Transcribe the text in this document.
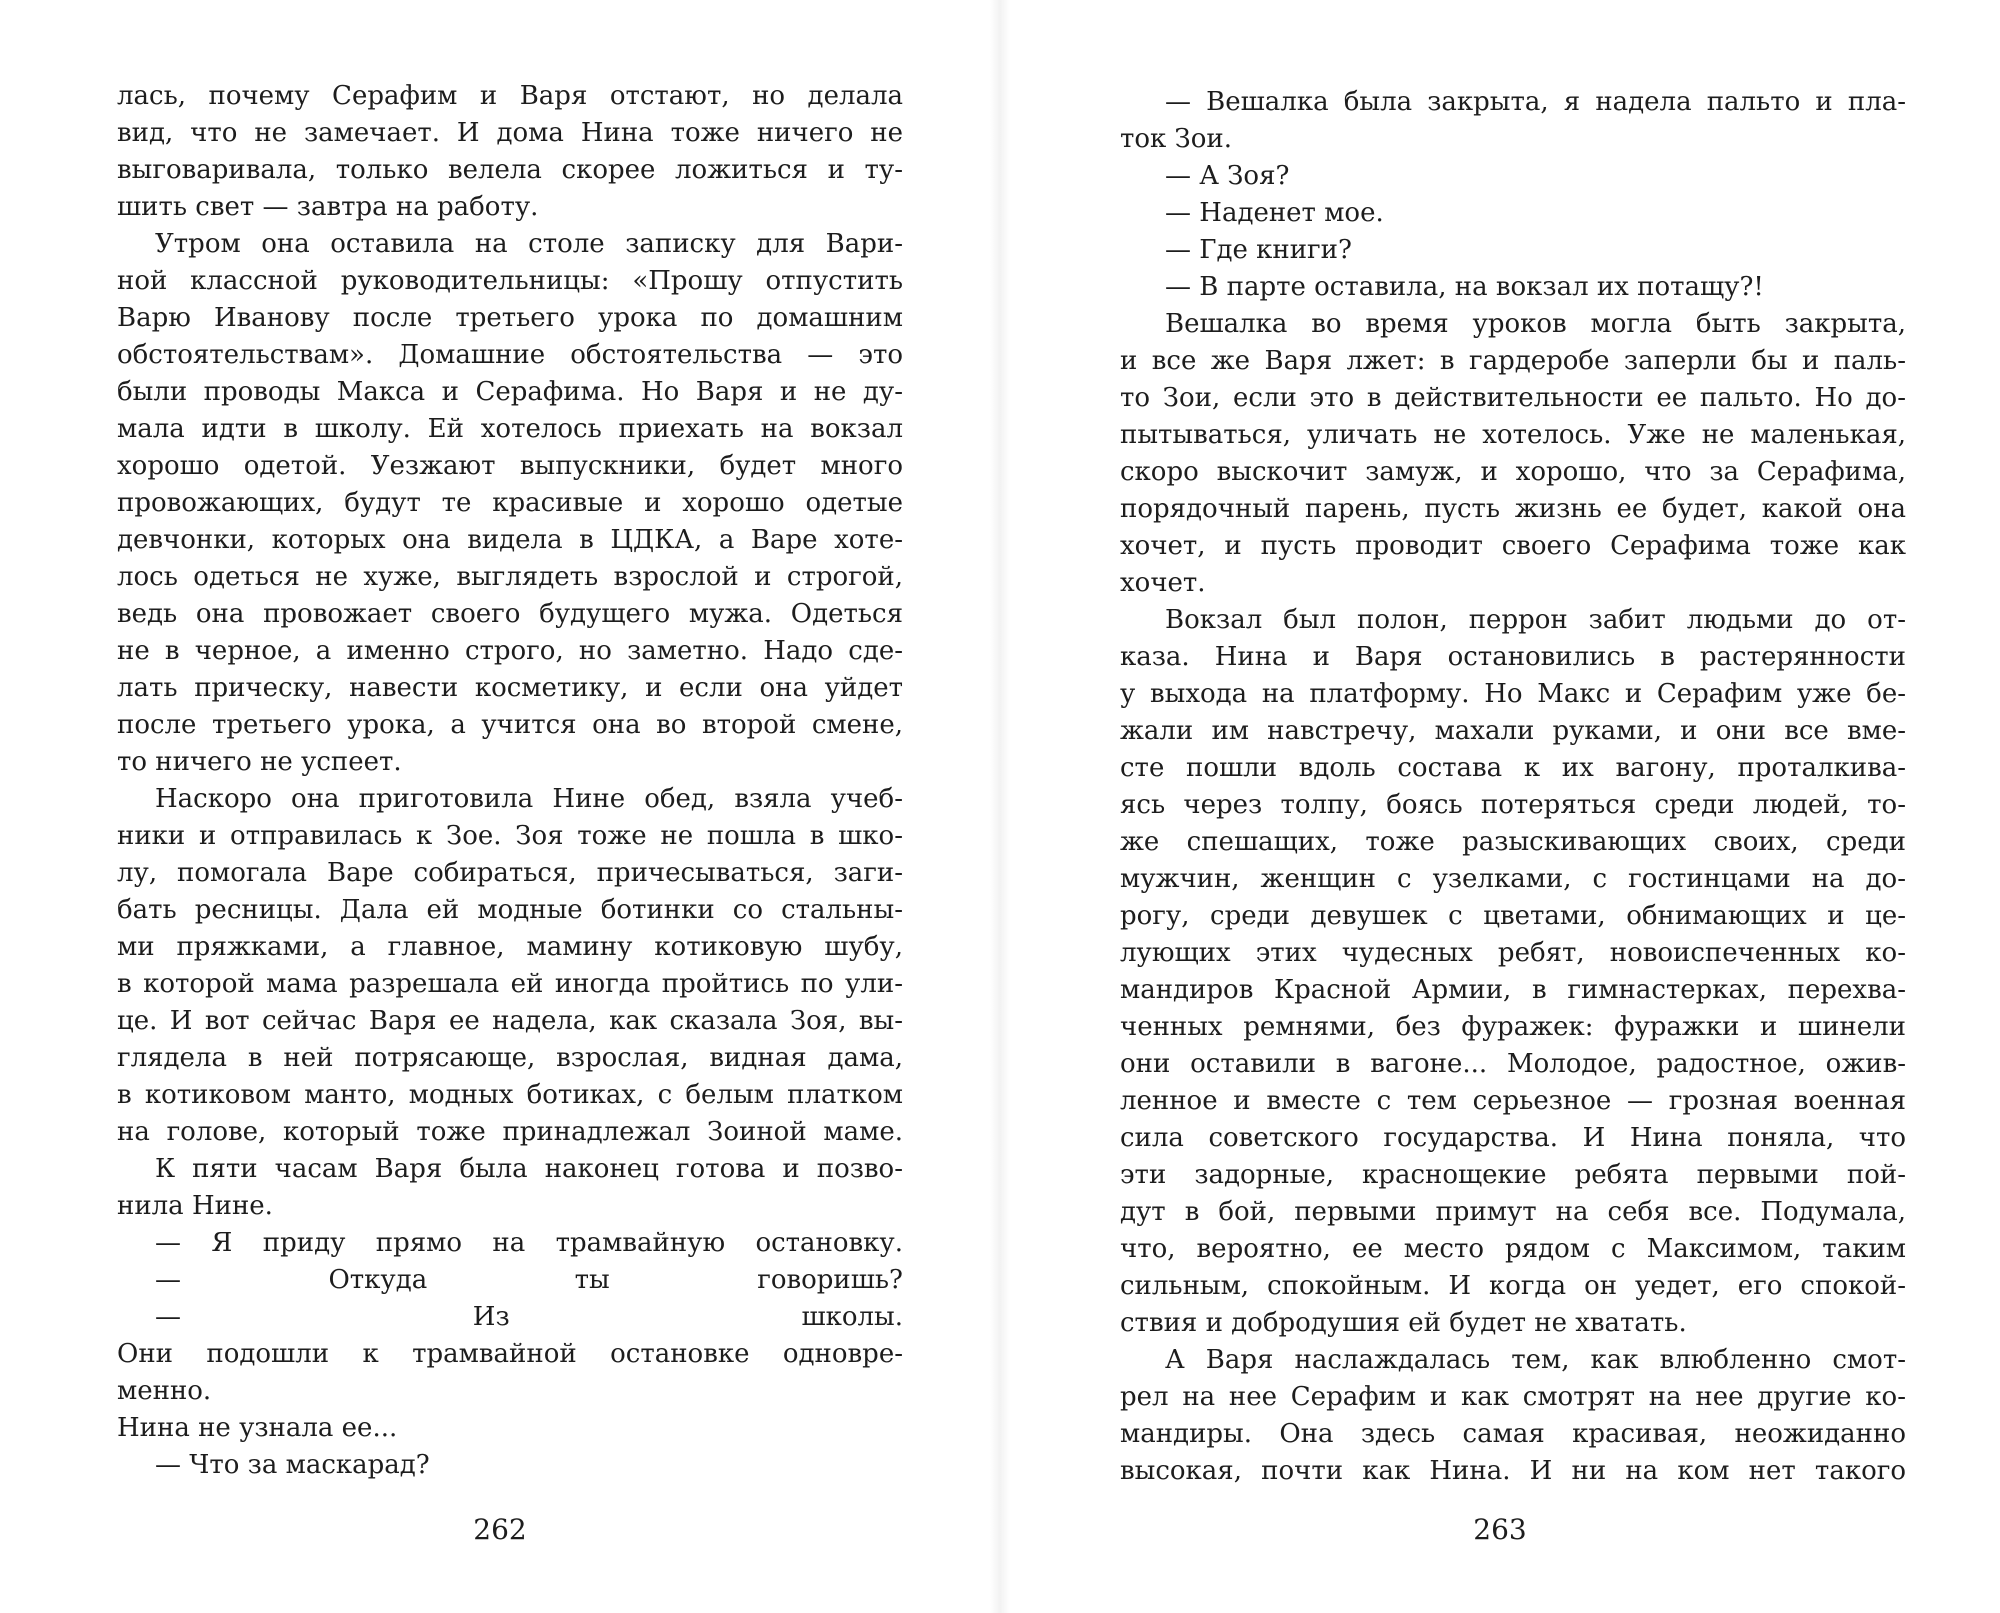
лась, почему Серафим и Варя отстают, но делала
вид, что не замечает. И дома Нина тоже ничего не
выговаривала, только велела скорее ложиться и ту-
шить свет — завтра на работу.
Утром она оставила на столе записку для Вари-
ной классной руководительницы: «Прошу отпустить
Варю Иванову после третьего урока по домашним
обстоятельствам». Домашние обстоятельства — это
были проводы Макса и Серафима. Но Варя и не ду-
мала идти в школу. Ей хотелось приехать на вокзал
хорошо одетой. Уезжают выпускники, будет много
провожающих, будут те красивые и хорошо одетые
девчонки, которых она видела в ЦДКА, а Варе хоте-
лось одеться не хуже, выглядеть взрослой и строгой,
ведь она провожает своего будущего мужа. Одеться
не в черное, а именно строго, но заметно. Надо сде-
лать прическу, навести косметику, и если она уйдет
после третьего урока, а учится она во второй смене,
то ничего не успеет.
Наскоро она приготовила Нине обед, взяла учеб-
ники и отправилась к Зое. Зоя тоже не пошла в шко-
лу, помогала Варе собираться, причесываться, заги-
бать ресницы. Дала ей модные ботинки со стальны-
ми пряжками, а главное, мамину котиковую шубу,
в которой мама разрешала ей иногда пройтись по ули-
це. И вот сейчас Варя ее надела, как сказала Зоя, вы-
глядела в ней потрясающе, взрослая, видная дама,
в котиковом манто, модных ботиках, с белым платком
на голове, который тоже принадлежал Зоиной маме.
К пяти часам Варя была наконец готова и позво-
нила Нине.
— Я приду прямо на трамвайную остановку.
— Откуда ты говоришь?
— Из школы.
Они подошли к трамвайной остановке одновре-
менно.
Нина не узнала ее...
— Что за маскарад?
262
— Вешалка была закрыта, я надела пальто и пла-
ток Зои.
— А Зоя?
— Наденет мое.
— Где книги?
— В парте оставила, на вокзал их потащу?!
Вешалка во время уроков могла быть закрыта,
и все же Варя лжет: в гардеробе заперли бы и паль-
то Зои, если это в действительности ее пальто. Но до-
пытываться, уличать не хотелось. Уже не маленькая,
скоро выскочит замуж, и хорошо, что за Серафима,
порядочный парень, пусть жизнь ее будет, какой она
хочет, и пусть проводит своего Серафима тоже как
хочет.
Вокзал был полон, перрон забит людьми до от-
каза. Нина и Варя остановились в растерянности
у выхода на платформу. Но Макс и Серафим уже бе-
жали им навстречу, махали руками, и они все вме-
сте пошли вдоль состава к их вагону, проталкива-
ясь через толпу, боясь потеряться среди людей, то-
же спешащих, тоже разыскивающих своих, среди
мужчин, женщин с узелками, с гостинцами на до-
рогу, среди девушек с цветами, обнимающих и це-
лующих этих чудесных ребят, новоиспеченных ко-
мандиров Красной Армии, в гимнастерках, перехва-
ченных ремнями, без фуражек: фуражки и шинели
они оставили в вагоне... Молодое, радостное, ожив-
ленное и вместе с тем серьезное — грозная военная
сила советского государства. И Нина поняла, что
эти задорные, краснощекие ребята первыми пой-
дут в бой, первыми примут на себя все. Подумала,
что, вероятно, ее место рядом с Максимом, таким
сильным, спокойным. И когда он уедет, его спокой-
ствия и добродушия ей будет не хватать.
А Варя наслаждалась тем, как влюбленно смот-
рел на нее Серафим и как смотрят на нее другие ко-
мандиры. Она здесь самая красивая, неожиданно
высокая, почти как Нина. И ни на ком нет такого
263
